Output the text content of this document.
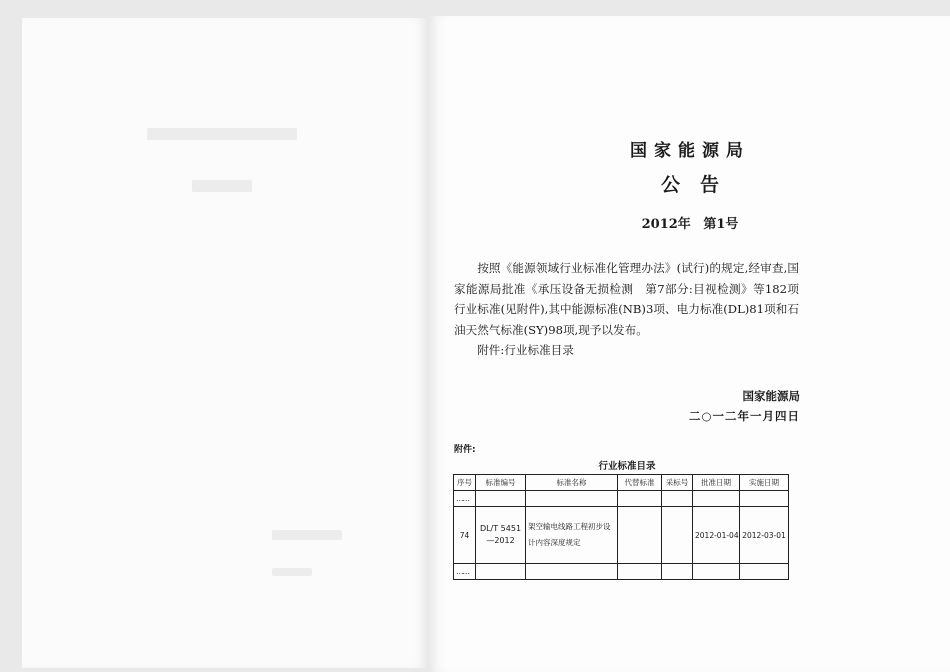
国家能源局
公告
2012年 第1号

按照《能源领域行业标准化管理办法》(试行)的规定,经审查,国家能源局批准《承压设备无损检测　第7部分:目视检测》等182项行业标准(见附件),其中能源标准(NB)3项、电力标准(DL)81项和石油天然气标准(SY)98项,现予以发布。

附件:行业标准目录

国家能源局
二○一二年一月四日
附件:
行业标准目录
序号	标准编号	标准名称	代替标准	采标号	批准日期	实施日期
……						
74	DL/T 5451—2012	架空输电线路工程初步设计内容深度规定			2012-01-04	2012-03-01
……						
